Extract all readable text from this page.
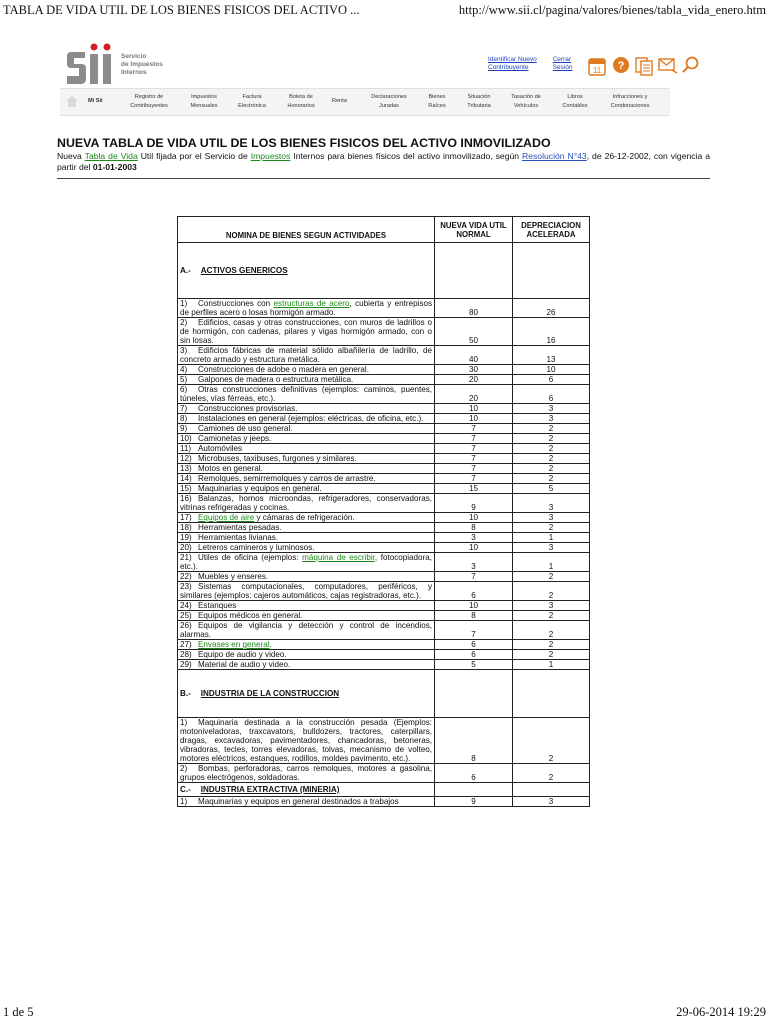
TABLA DE VIDA UTIL DE LOS BIENES FISICOS DEL ACTIVO ...	http://www.sii.cl/pagina/valores/bienes/tabla_vida_enero.htm
Servicio
de Impuestos
Internos
Identificar Nuevo
Contribuyente Cerrar
Sesión	11 ?
Mi Sii
Registro de
Contribuyentes
Impuestos
Mensuales
Factura
Electrónica
Boleta de
Honorarios
Renta
Declaraciones
Juradas
Bienes
Raíces
Situación
Tributaria
Tasación de
Vehículos
Libros
Contables
Infracciones y
Condonaciones
NUEVA TABLA DE VIDA UTIL DE LOS BIENES FISICOS DEL ACTIVO INMOVILIZADO
Nueva Tabla de Vida Util fijada por el Servicio de Impuestos Internos para bienes físicos del activo inmovilizado, según Resolución N°43, de 26-12-2002, con vigencia a partir del 01-01-2003
NOMINA DE BIENES SEGUN ACTIVIDADES	NUEVA VIDA UTIL NORMAL	DEPRECIACION ACELERADA
A.- ACTIVOS GENERICOS		
1) Construcciones con estructuras de acero, cubierta y entrepisos de perfiles acero o losas hormigón armado.	80	26
2) Edificios, casas y otras construcciones, con muros de ladrillos o de hormigón, con cadenas, pilares y vigas hormigón armado, con o sin losas.	50	16
3) Edificios fábricas de material sólido albañilería de ladrillo, de concreto armado y estructura metálica.	40	13
4) Construcciones de adobe o madera en general.	30	10
5) Galpones de madera o estructura metálica.	20	6
6) Otras construcciones definitivas (ejemplos: caminos, puentes, túneles, vías férreas, etc.).	20	6
7) Construcciones provisorias.	10	3
8) Instalaciones en general (ejemplos: eléctricas, de oficina, etc.).	10	3
9) Camiones de uso general.	7	2
10) Camionetas y jeeps.	7	2
11) Automóviles	7	2
12) Microbuses, taxibuses, furgones y similares.	7	2
13) Motos en general.	7	2
14) Remolques, semirremolques y carros de arrastre.	7	2
15) Maquinarias y equipos en general.	15	5
16) Balanzas, hornos microondas, refrigeradores, conservadoras, vitrinas refrigeradas y cocinas.	9	3
17) Equipos de aire y cámaras de refrigeración.	10	3
18) Herramientas pesadas.	8	2
19) Herramientas livianas.	3	1
20) Letreros camineros y luminosos.	10	3
21) Utiles de oficina (ejemplos: máquina de escribir, fotocopiadora, etc.).	3	1
22) Muebles y enseres.	7	2
23) Sistemas computacionales, computadores, periféricos, y similares (ejemplos: cajeros automáticos, cajas registradoras, etc.).	6	2
24) Estanques	10	3
25) Equipos médicos en general.	8	2
26) Equipos de vigilancia y detección y control de incendios, alarmas.	7	2
27) Envases en general.	6	2
28) Equipo de audio y video.	6	2
29) Material de audio y video.	5	1
B.- INDUSTRIA DE LA CONSTRUCCION		
1) Maquinaria destinada a la construcción pesada (Ejemplos: motoniveladoras, traxcavators, bulldozers, tractores, caterpillars, dragas, excavadoras, pavimentadores, chancadoras, betoneras, vibradoras, tecles, torres elevadoras, tolvas, mecanismo de volteo, motores eléctricos, estanques, rodillos, moldes pavimento, etc.).	8	2
2) Bombas, perforadoras, carros remolques, motores a gasolina, grupos electrógenos, soldadoras.	6	2
C.- INDUSTRIA EXTRACTIVA (MINERIA)		
1) Maquinarias y equipos en general destinados a trabajos	9	3
1 de 5	29-06-2014 19:29
